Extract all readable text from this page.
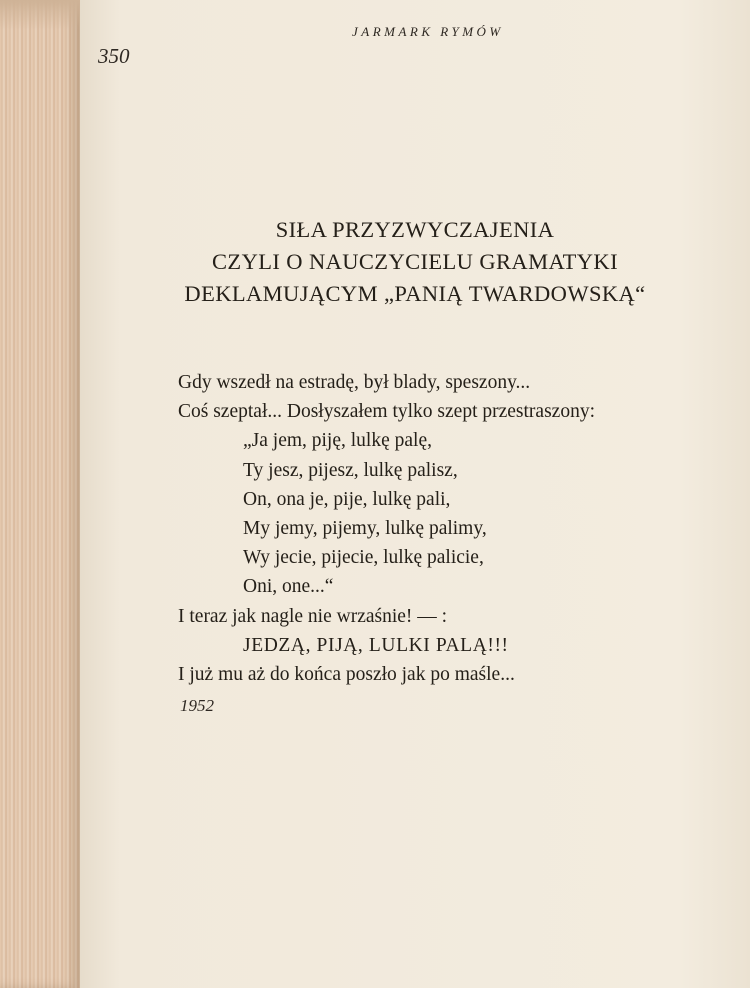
350
JARMARK RYMÓW
SIŁA PRZYZWYCZAJENIA
CZYLI O NAUCZYCIELU GRAMATYKI
DEKLAMUJĄCYM „PANIĄ TWARDOWSKĄ“
Gdy wszedł na estradę, był blady, speszony...
Coś szeptał... Dosłyszałem tylko szept przestraszony:
„Ja jem, piję, lulkę palę,
Ty jesz, pijesz, lulkę palisz,
On, ona je, pije, lulkę pali,
My jemy, pijemy, lulkę palimy,
Wy jecie, pijecie, lulkę palicie,
Oni, one...“
I teraz jak nagle nie wrzaśnie! — :
JEDZĄ, PIJĄ, LULKI PALĄ!!!
I już mu aż do końca poszło jak po maśle...
1952
